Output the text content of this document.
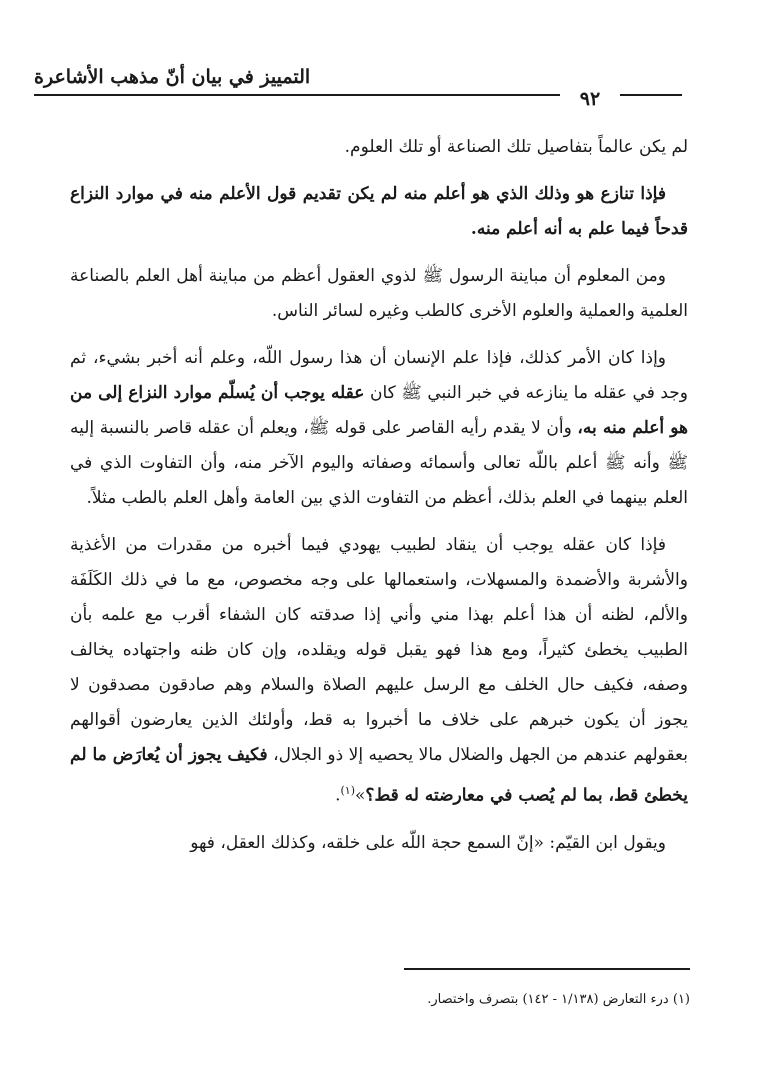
التمييز في بيان أنّ مذهب الأشاعرة
٩٢

لم يكن عالماً بتفاصيل تلك الصناعة أو تلك العلوم.

فإذا تنازع هو وذلك الذي هو أعلم منه لم يكن تقديم قول الأعلم منه في موارد النزاع قدحاً فيما علم به أنه أعلم منه.

ومن المعلوم أن مباينة الرسول ﷺ لذوي العقول أعظم من مباينة أهل العلم بالصناعة العلمية والعملية والعلوم الأخرى كالطب وغيره لسائر الناس.

وإذا كان الأمر كذلك، فإذا علم الإنسان أن هذا رسول اللّه، وعلم أنه أخبر بشيء، ثم وجد في عقله ما ينازعه في خبر النبي ﷺ كان عقله يوجب أن يُسلّم موارد النزاع إلى من هو أعلم منه به، وأن لا يقدم رأيه القاصر على قوله ﷺ، ويعلم أن عقله قاصر بالنسبة إليه ﷺ وأنه ﷺ أعلم باللّه تعالى وأسمائه وصفاته واليوم الآخر منه، وأن التفاوت الذي في العلم بينهما في العلم بذلك، أعظم من التفاوت الذي بين العامة وأهل العلم بالطب مثلاً.

فإذا كان عقله يوجب أن ينقاد لطبيب يهودي فيما أخبره من مقدرات من الأغذية والأشربة والأضمدة والمسهلات، واستعمالها على وجه مخصوص، مع ما في ذلك الكَلَفَة والألم، لظنه أن هذا أعلم بهذا مني وأني إذا صدقته كان الشفاء أقرب مع علمه بأن الطبيب يخطئ كثيراً، ومع هذا فهو يقبل قوله ويقلده، وإن كان ظنه واجتهاده يخالف وصفه، فكيف حال الخلف مع الرسل عليهم الصلاة والسلام وهم صادقون مصدقون لا يجوز أن يكون خبرهم على خلاف ما أخبروا به قط، وأولئك الذين يعارضون أقوالهم بعقولهم عندهم من الجهل والضلال مالا يحصيه إلا ذو الجلال، فكيف يجوز أن يُعارَض ما لم يخطئ قط، بما لم يُصب في معارضته له قط؟»$^{(١)}$.

ويقول ابن القيّم: «إنّ السمع حجة اللّه على خلقه، وكذلك العقل، فهو

(١) درء التعارض (١/١٣٨ - ١٤٢) بتصرف واختصار.
